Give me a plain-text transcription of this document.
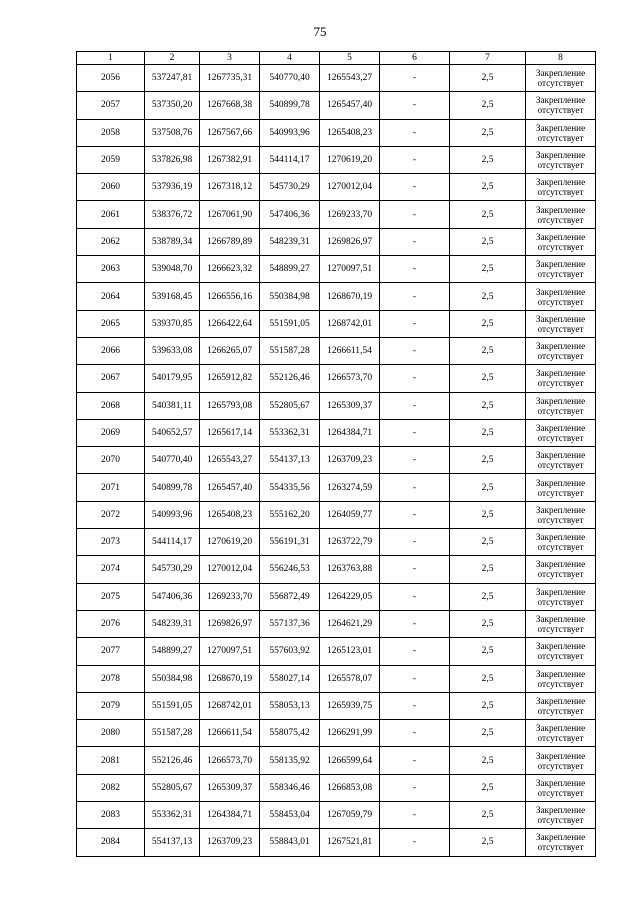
75
1	2	3	4	5	6	7	8
2056	537247,81	1267735,31	540770,40	1265543,27	-	2,5	Закрепление отсутствует
2057	537350,20	1267668,38	540899,78	1265457,40	-	2,5	Закрепление отсутствует
2058	537508,76	1267567,66	540993,96	1265408,23	-	2,5	Закрепление отсутствует
2059	537826,98	1267382,91	544114,17	1270619,20	-	2,5	Закрепление отсутствует
2060	537936,19	1267318,12	545730,29	1270012,04	-	2,5	Закрепление отсутствует
2061	538376,72	1267061,90	547406,36	1269233,70	-	2,5	Закрепление отсутствует
2062	538789,34	1266789,89	548239,31	1269826,97	-	2,5	Закрепление отсутствует
2063	539048,70	1266623,32	548899,27	1270097,51	-	2,5	Закрепление отсутствует
2064	539168,45	1266556,16	550384,98	1268670,19	-	2,5	Закрепление отсутствует
2065	539370,85	1266422,64	551591,05	1268742,01	-	2,5	Закрепление отсутствует
2066	539633,08	1266265,07	551587,28	1266611,54	-	2,5	Закрепление отсутствует
2067	540179,95	1265912,82	552126,46	1266573,70	-	2,5	Закрепление отсутствует
2068	540381,11	1265793,08	552805,67	1265309,37	-	2,5	Закрепление отсутствует
2069	540652,57	1265617,14	553362,31	1264384,71	-	2,5	Закрепление отсутствует
2070	540770,40	1265543,27	554137,13	1263709,23	-	2,5	Закрепление отсутствует
2071	540899,78	1265457,40	554335,56	1263274,59	-	2,5	Закрепление отсутствует
2072	540993,96	1265408,23	555162,20	1264059,77	-	2,5	Закрепление отсутствует
2073	544114,17	1270619,20	556191,31	1263722,79	-	2,5	Закрепление отсутствует
2074	545730,29	1270012,04	556246,53	1263763,88	-	2,5	Закрепление отсутствует
2075	547406,36	1269233,70	556872,49	1264229,05	-	2,5	Закрепление отсутствует
2076	548239,31	1269826,97	557137,36	1264621,29	-	2,5	Закрепление отсутствует
2077	548899,27	1270097,51	557603,92	1265123,01	-	2,5	Закрепление отсутствует
2078	550384,98	1268670,19	558027,14	1265578,07	-	2,5	Закрепление отсутствует
2079	551591,05	1268742,01	558053,13	1265939,75	-	2,5	Закрепление отсутствует
2080	551587,28	1266611,54	558075,42	1266291,99	-	2,5	Закрепление отсутствует
2081	552126,46	1266573,70	558135,92	1266599,64	-	2,5	Закрепление отсутствует
2082	552805,67	1265309,37	558346,46	1266853,08	-	2,5	Закрепление отсутствует
2083	553362,31	1264384,71	558453,04	1267059,79	-	2,5	Закрепление отсутствует
2084	554137,13	1263709,23	558843,01	1267521,81	-	2,5	Закрепление отсутствует
